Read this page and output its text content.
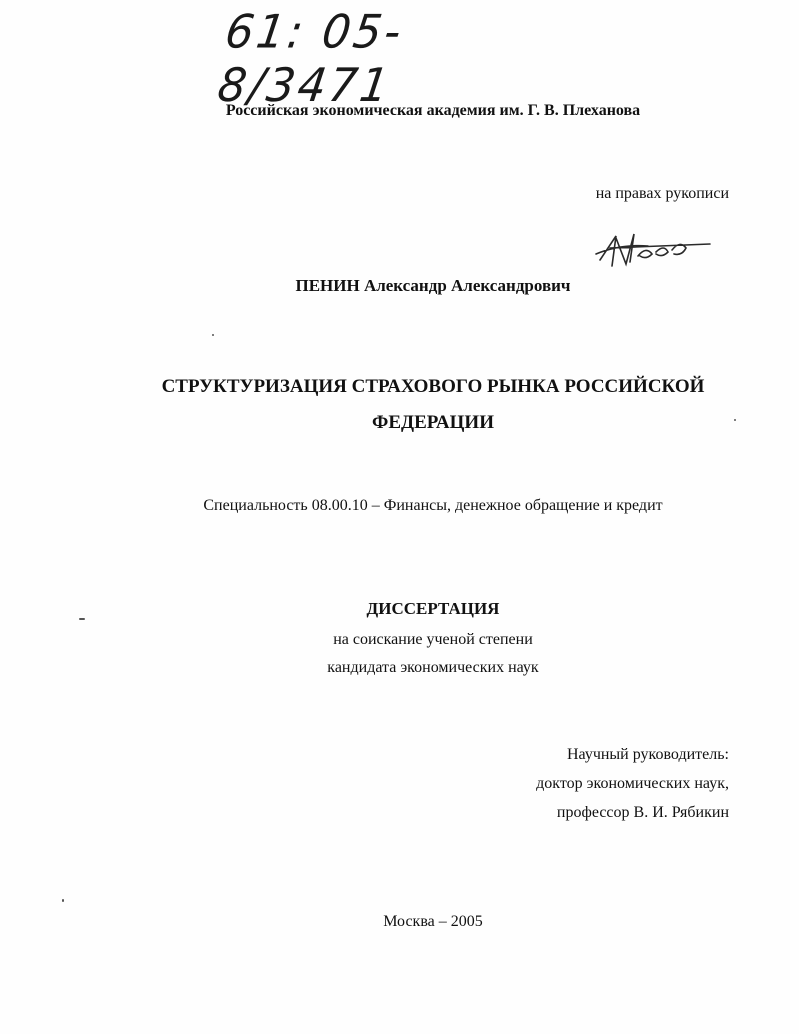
61: 05-8/3471
Российская экономическая академия им. Г. В. Плеханова
на правах рукописи
ПЕНИН Александр Александрович
СТРУКТУРИЗАЦИЯ СТРАХОВОГО РЫНКА РОССИЙСКОЙ
ФЕДЕРАЦИИ
Специальность 08.00.10 – Финансы, денежное обращение и кредит
ДИССЕРТАЦИЯ
на соискание ученой степени
кандидата экономических наук
Научный руководитель:
доктор экономических наук,
профессор В. И. Рябикин
Москва – 2005
